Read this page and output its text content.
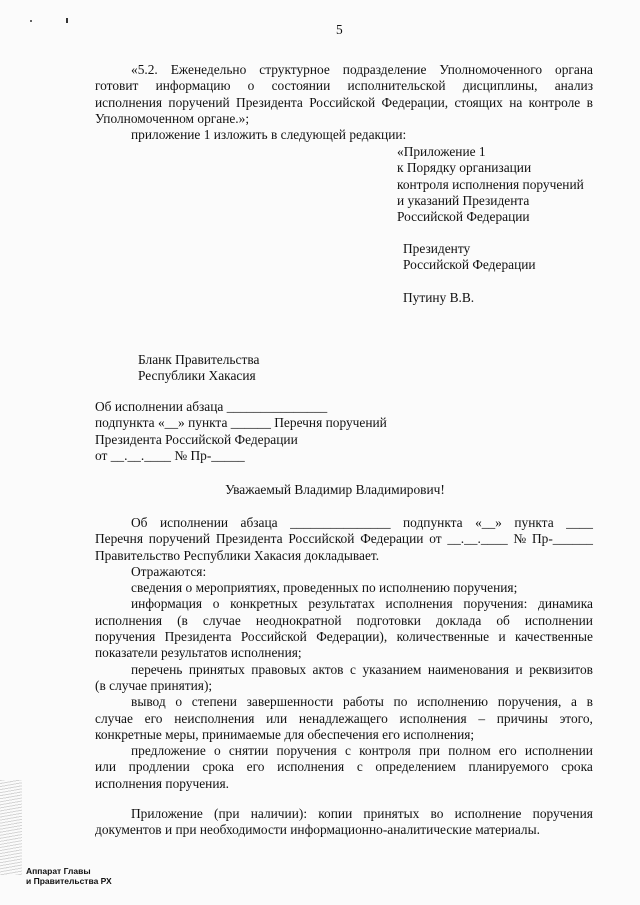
5
«5.2. Еженедельно структурное подразделение Уполномоченного органа
готовит информацию о состоянии исполнительской дисциплины, анализ
исполнения поручений Президента Российской Федерации, стоящих на контроле в
Уполномоченном органе.»;
приложение 1 изложить в следующей редакции:
«Приложение 1
к Порядку организации
контроля исполнения поручений
и указаний Президента
Российской Федерации
Президенту
Российской Федерации
Путину В.В.
Бланк Правительства
Республики Хакасия
Об исполнении абзаца _______________
подпункта «__» пункта ______ Перечня поручений
Президента Российской Федерации
от __.__.____ № Пр-_____
Уважаемый Владимир Владимирович!
Об исполнении абзаца _______________ подпункта «__» пункта ____
Перечня поручений Президента Российской Федерации от __.__.____ № Пр-______
Правительство Республики Хакасия докладывает.
Отражаются:
сведения о мероприятиях, проведенных по исполнению поручения;
информация о конкретных результатах исполнения поручения: динамика
исполнения (в случае неоднократной подготовки доклада об исполнении
поручения Президента Российской Федерации), количественные и качественные
показатели результатов исполнения;
перечень принятых правовых актов с указанием наименования и реквизитов
(в случае принятия);
вывод о степени завершенности работы по исполнению поручения, а в
случае его неисполнения или ненадлежащего исполнения – причины этого,
конкретные меры, принимаемые для обеспечения его исполнения;
предложение о снятии поручения с контроля при полном его исполнении
или продлении срока его исполнения с определением планируемого срока
исполнения поручения.
Приложение (при наличии): копии принятых во исполнение поручения
документов и при необходимости информационно-аналитические материалы.
Аппарат Главы
и Правительства РХ
